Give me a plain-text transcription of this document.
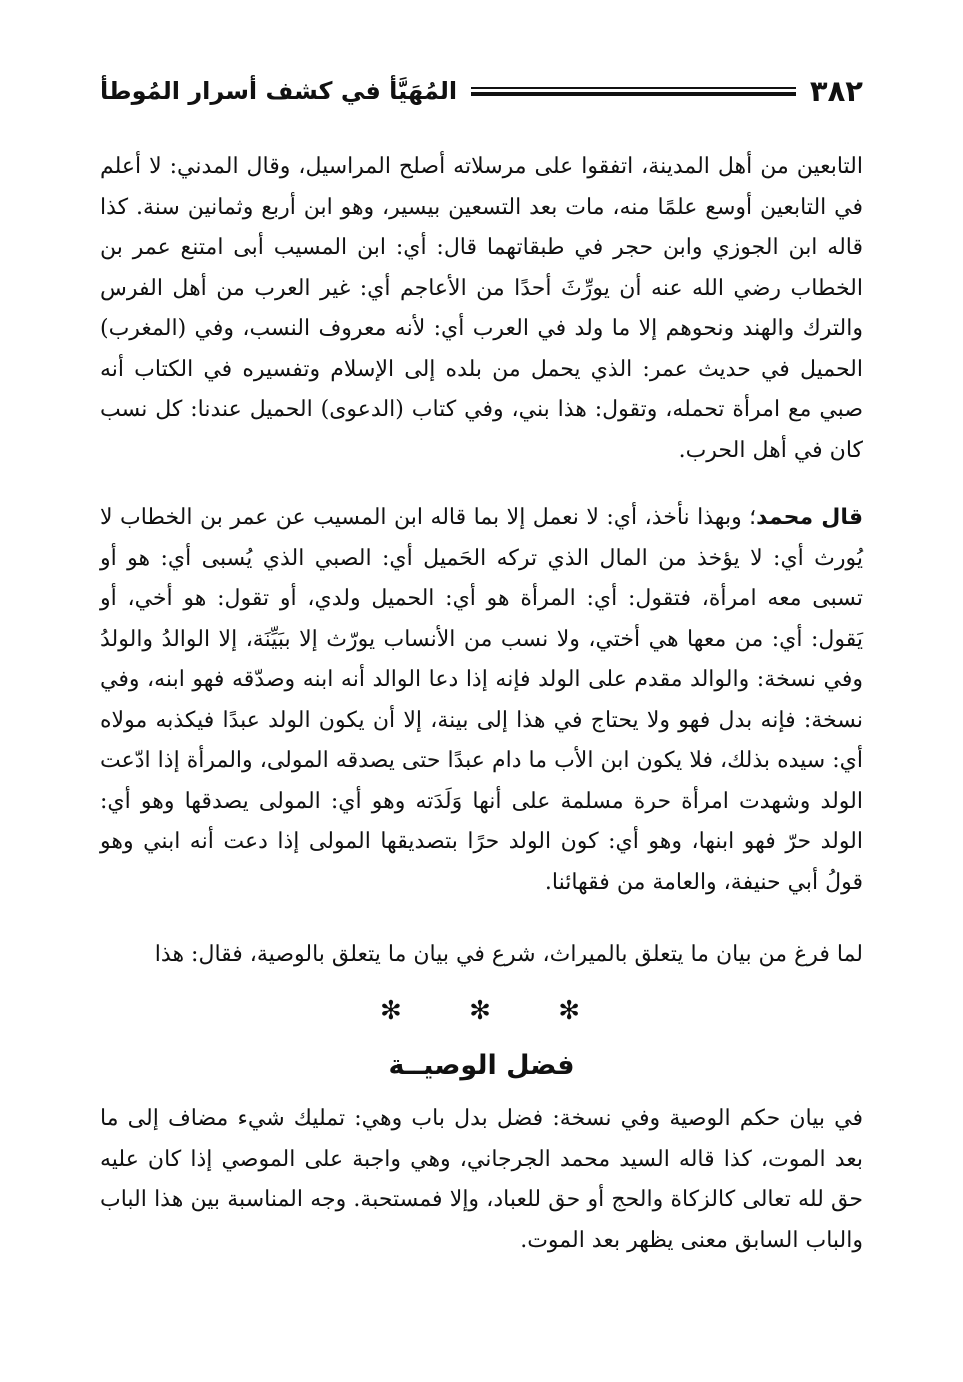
٣٨٢
المُهَيَّأ في كشف أسرار المُوطأ

التابعين من أهل المدينة، اتفقوا على مرسلاته أصلح المراسيل، وقال المدني: لا أعلم في التابعين أوسع علمًا منه، مات بعد التسعين بيسير، وهو ابن أربع وثمانين سنة. كذا قاله ابن الجوزي وابن حجر في طبقاتهما قال: أي: ابن المسيب أبى امتنع عمر بن الخطاب رضي الله عنه أن يورِّثَ أحدًا من الأعاجم أي: غير العرب من أهل الفرس والترك والهند ونحوهم إلا ما ولد في العرب أي: لأنه معروف النسب، وفي (المغرب) الحميل في حديث عمر: الذي يحمل من بلده إلى الإسلام وتفسيره في الكتاب أنه صبي مع امرأة تحمله، وتقول: هذا بني، وفي كتاب (الدعوى) الحميل عندنا: كل نسب كان في أهل الحرب.

قال محمد؛ وبهذا نأخذ، أي: لا نعمل إلا بما قاله ابن المسيب عن عمر بن الخطاب لا يُورث أي: لا يؤخذ من المال الذي تركه الحَميل أي: الصبي الذي يُسبى أي: هو أو تسبى معه امرأة، فتقول: أي: المرأة هو أي: الحميل ولدي، أو تقول: هو أخي، أو يَقول: أي: من معها هي أختي، ولا نسب من الأنساب يورّث إلا ببَيِّنَة، إلا الوالدُ والولدُ وفي نسخة: والوالد مقدم على الولد فإنه إذا دعا الوالد أنه ابنه وصدّقه فهو ابنه، وفي نسخة: فإنه بدل فهو ولا يحتاج في هذا إلى بينة، إلا أن يكون الولد عبدًا فيكذبه مولاه أي: سيده بذلك، فلا يكون ابن الأب ما دام عبدًا حتى يصدقه المولى، والمرأة إذا ادّعت الولد وشهدت امرأة حرة مسلمة على أنها وَلَدَته وهو أي: المولى يصدقها وهو أي: الولد حرّ فهو ابنها، وهو أي: كون الولد حرًا بتصديقها المولى إذا دعت أنه ابني وهو قولُ أبي حنيفة، والعامة من فقهائنا.

لما فرغ من بيان ما يتعلق بالميراث، شرع في بيان ما يتعلق بالوصية، فقال: هذا

✻	✻	✻
فضل الوصيــة

في بيان حكم الوصية وفي نسخة: فضل بدل باب وهي: تمليك شيء مضاف إلى ما بعد الموت، كذا قاله السيد محمد الجرجاني، وهي واجبة على الموصي إذا كان عليه حق لله تعالى كالزكاة والحج أو حق للعباد، وإلا فمستحبة. وجه المناسبة بين هذا الباب والباب السابق معنى يظهر بعد الموت.
